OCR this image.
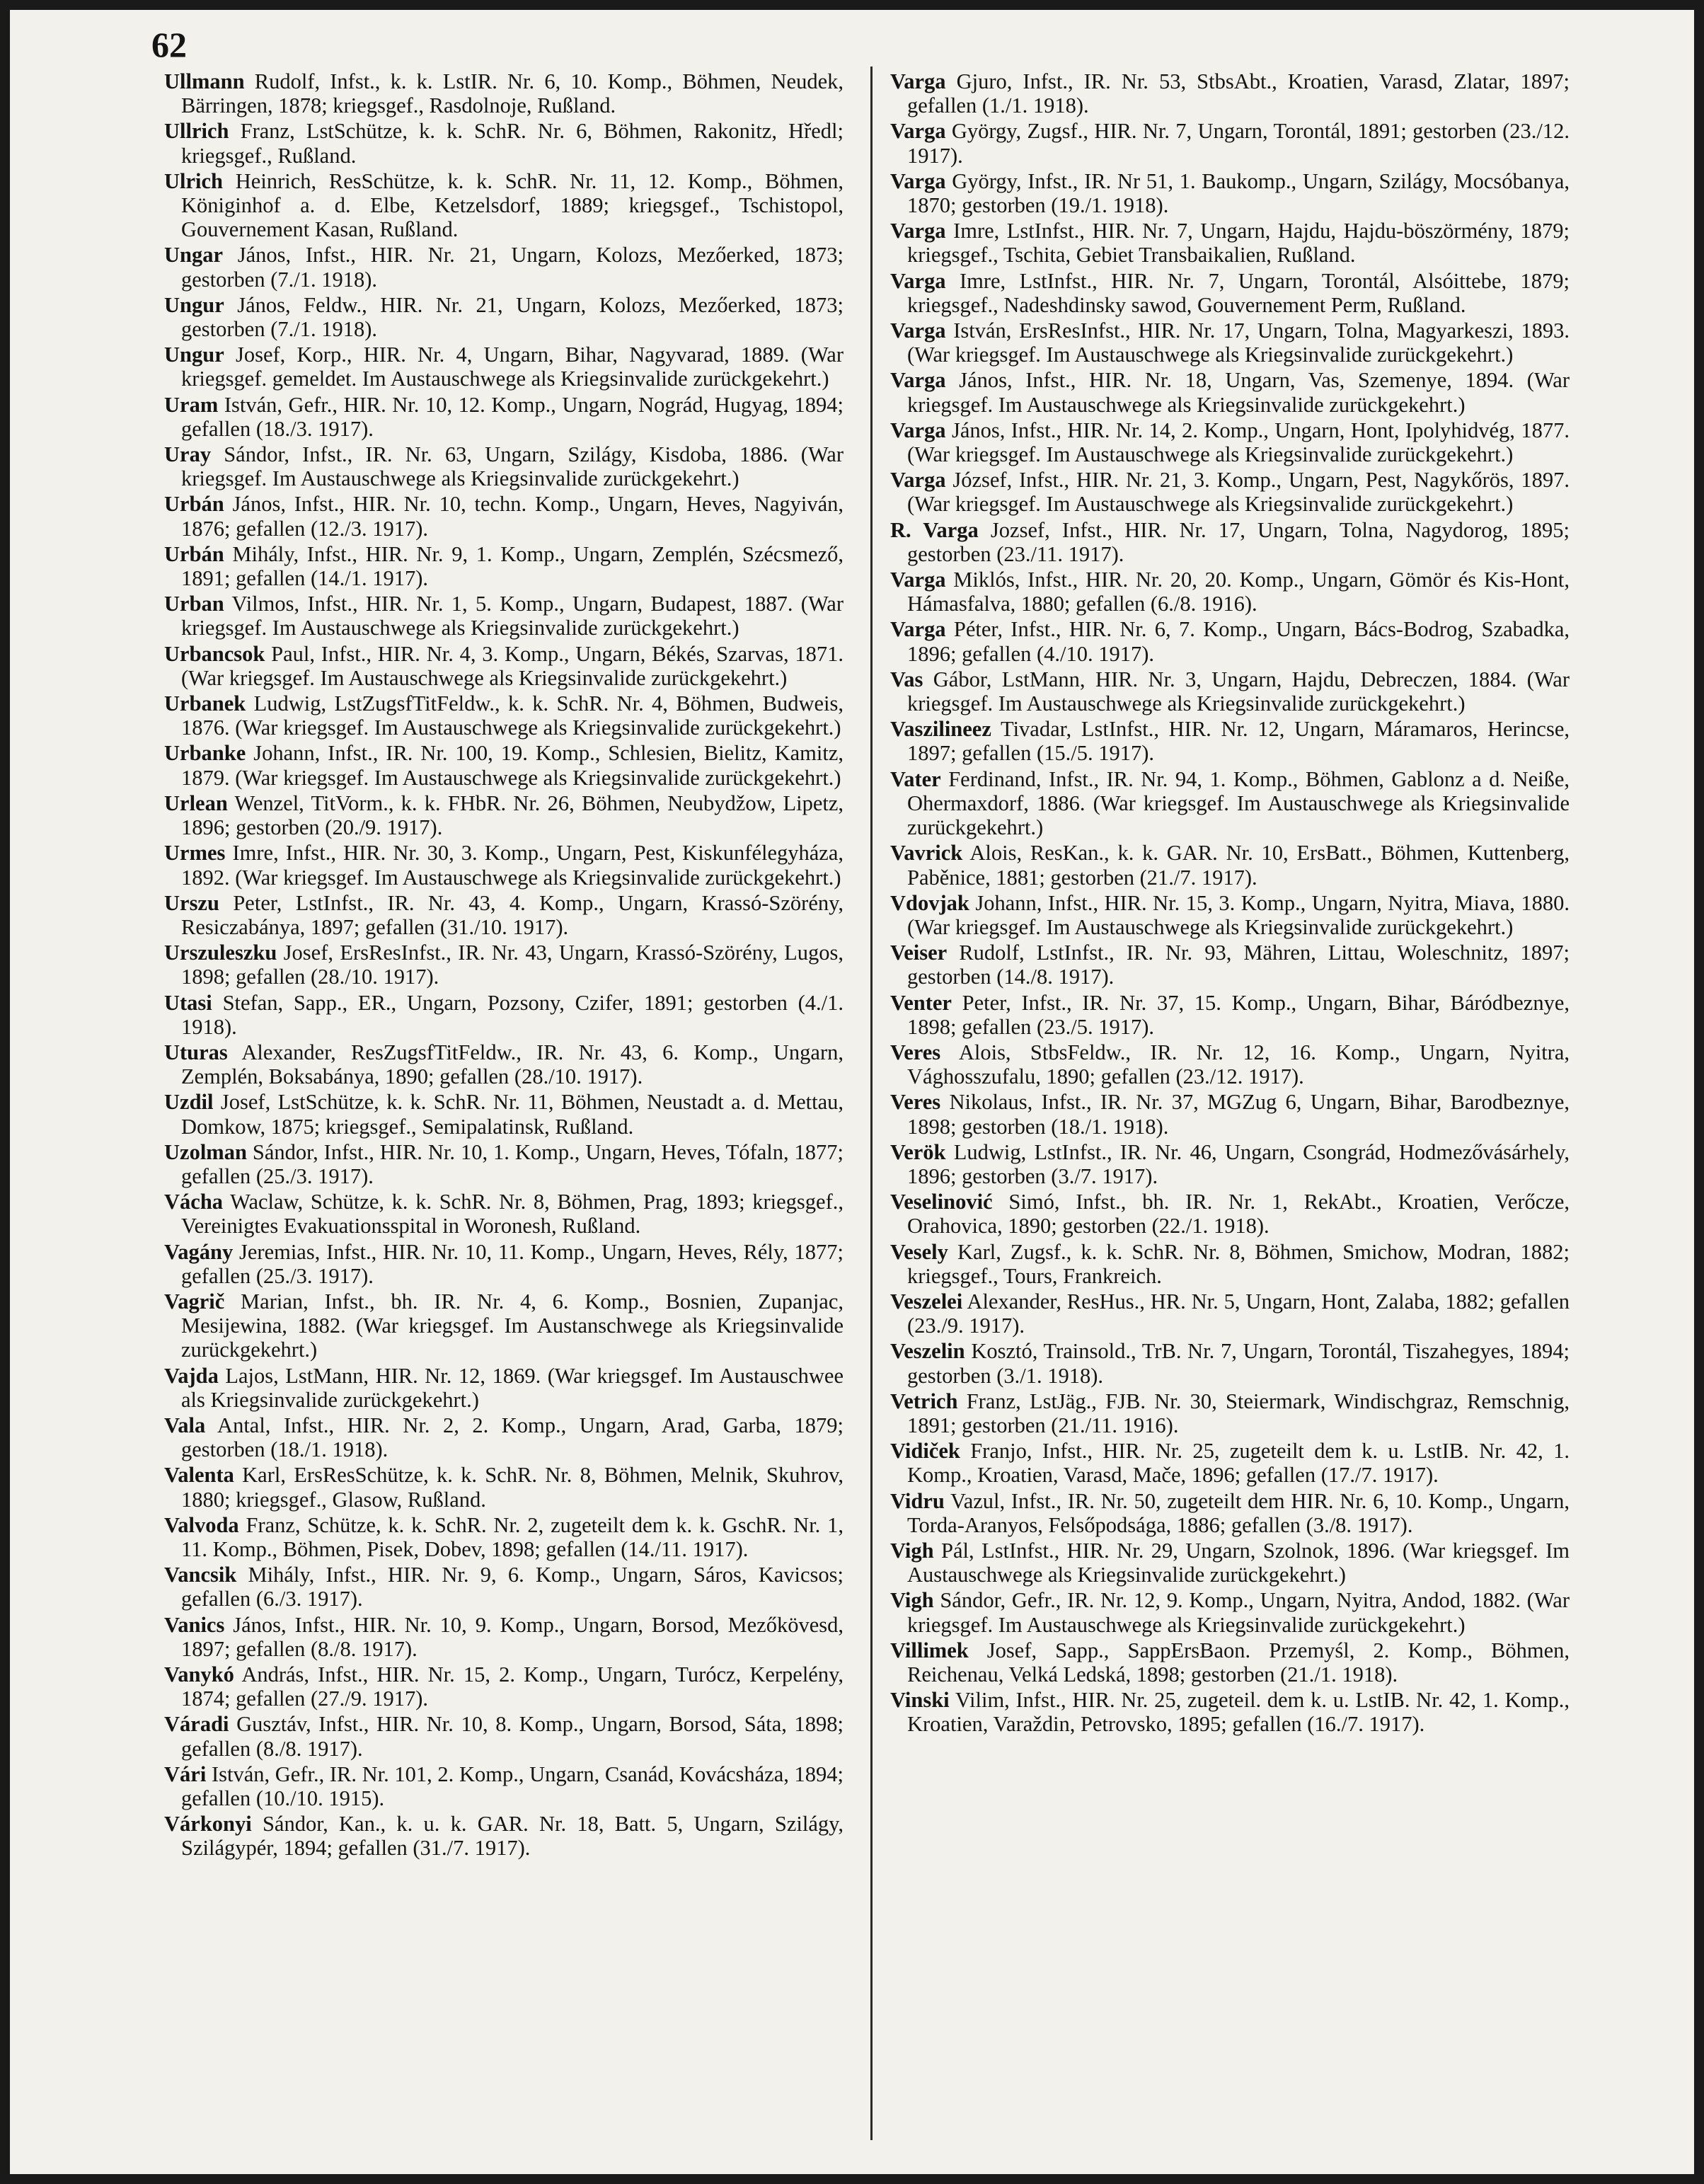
62

Ullmann Rudolf, Infst., k. k. LstIR. Nr. 6, 10. Komp., Böhmen, Neudek, Bärringen, 1878; kriegsgef., Rasdolnoje, Rußland.

Ullrich Franz, LstSchütze, k. k. SchR. Nr. 6, Böhmen, Rakonitz, Hředl; kriegsgef., Rußland.

Ulrich Heinrich, ResSchütze, k. k. SchR. Nr. 11, 12. Komp., Böhmen, Königinhof a. d. Elbe, Ketzelsdorf, 1889; kriegsgef., Tschistopol, Gouvernement Kasan, Rußland.

Ungar János, Infst., HIR. Nr. 21, Ungarn, Kolozs, Mezőerked, 1873; gestorben (7./1. 1918).

Ungur János, Feldw., HIR. Nr. 21, Ungarn, Kolozs, Mezőerked, 1873; gestorben (7./1. 1918).

Ungur Josef, Korp., HIR. Nr. 4, Ungarn, Bihar, Nagyvarad, 1889. (War kriegsgef. gemeldet. Im Austauschwege als Kriegsinvalide zurückgekehrt.)

Uram István, Gefr., HIR. Nr. 10, 12. Komp., Ungarn, Nográd, Hugyag, 1894; gefallen (18./3. 1917).

Uray Sándor, Infst., IR. Nr. 63, Ungarn, Szilágy, Kisdoba, 1886. (War kriegsgef. Im Austauschwege als Kriegsinvalide zurückgekehrt.)

Urbán János, Infst., HIR. Nr. 10, techn. Komp., Ungarn, Heves, Nagyiván, 1876; gefallen (12./3. 1917).

Urbán Mihály, Infst., HIR. Nr. 9, 1. Komp., Ungarn, Zemplén, Szécsmező, 1891; gefallen (14./1. 1917).

Urban Vilmos, Infst., HIR. Nr. 1, 5. Komp., Ungarn, Budapest, 1887. (War kriegsgef. Im Austauschwege als Kriegsinvalide zurückgekehrt.)

Urbancsok Paul, Infst., HIR. Nr. 4, 3. Komp., Ungarn, Békés, Szarvas, 1871. (War kriegsgef. Im Austauschwege als Kriegsinvalide zurückgekehrt.)

Urbanek Ludwig, LstZugsfTitFeldw., k. k. SchR. Nr. 4, Böhmen, Budweis, 1876. (War kriegsgef. Im Austauschwege als Kriegsinvalide zurückgekehrt.)

Urbanke Johann, Infst., IR. Nr. 100, 19. Komp., Schlesien, Bielitz, Kamitz, 1879. (War kriegsgef. Im Austauschwege als Kriegsinvalide zurückgekehrt.)

Urlean Wenzel, TitVorm., k. k. FHbR. Nr. 26, Böhmen, Neubydžow, Lipetz, 1896; gestorben (20./9. 1917).

Urmes Imre, Infst., HIR. Nr. 30, 3. Komp., Ungarn, Pest, Kiskunfélegyháza, 1892. (War kriegsgef. Im Austauschwege als Kriegsinvalide zurückgekehrt.)

Urszu Peter, LstInfst., IR. Nr. 43, 4. Komp., Ungarn, Krassó-Szörény, Resiczabánya, 1897; gefallen (31./10. 1917).

Urszuleszku Josef, ErsResInfst., IR. Nr. 43, Ungarn, Krassó-Szörény, Lugos, 1898; gefallen (28./10. 1917).

Utasi Stefan, Sapp., ER., Ungarn, Pozsony, Czifer, 1891; gestorben (4./1. 1918).

Uturas Alexander, ResZugsfTitFeldw., IR. Nr. 43, 6. Komp., Ungarn, Zemplén, Boksabánya, 1890; gefallen (28./10. 1917).

Uzdil Josef, LstSchütze, k. k. SchR. Nr. 11, Böhmen, Neustadt a. d. Mettau, Domkow, 1875; kriegsgef., Semipalatinsk, Rußland.

Uzolman Sándor, Infst., HIR. Nr. 10, 1. Komp., Ungarn, Heves, Tófaln, 1877; gefallen (25./3. 1917).

Vácha Waclaw, Schütze, k. k. SchR. Nr. 8, Böhmen, Prag, 1893; kriegsgef., Vereinigtes Evakuationsspital in Woronesh, Rußland.

Vagány Jeremias, Infst., HIR. Nr. 10, 11. Komp., Ungarn, Heves, Rély, 1877; gefallen (25./3. 1917).

Vagrič Marian, Infst., bh. IR. Nr. 4, 6. Komp., Bosnien, Zupanjac, Mesijewina, 1882. (War kriegsgef. Im Austanschwege als Kriegsinvalide zurückgekehrt.)

Vajda Lajos, LstMann, HIR. Nr. 12, 1869. (War kriegsgef. Im Austauschwee als Kriegsinvalide zurückgekehrt.)

Vala Antal, Infst., HIR. Nr. 2, 2. Komp., Ungarn, Arad, Garba, 1879; gestorben (18./1. 1918).

Valenta Karl, ErsResSchütze, k. k. SchR. Nr. 8, Böhmen, Melnik, Skuhrov, 1880; kriegsgef., Glasow, Rußland.

Valvoda Franz, Schütze, k. k. SchR. Nr. 2, zugeteilt dem k. k. GschR. Nr. 1, 11. Komp., Böhmen, Pisek, Dobev, 1898; gefallen (14./11. 1917).

Vancsik Mihály, Infst., HIR. Nr. 9, 6. Komp., Ungarn, Sáros, Kavicsos; gefallen (6./3. 1917).

Vanics János, Infst., HIR. Nr. 10, 9. Komp., Ungarn, Borsod, Mezőkövesd, 1897; gefallen (8./8. 1917).

Vanykó András, Infst., HIR. Nr. 15, 2. Komp., Ungarn, Turócz, Kerpelény, 1874; gefallen (27./9. 1917).

Váradi Gusztáv, Infst., HIR. Nr. 10, 8. Komp., Ungarn, Borsod, Sáta, 1898; gefallen (8./8. 1917).

Vári István, Gefr., IR. Nr. 101, 2. Komp., Ungarn, Csanád, Kovácsháza, 1894; gefallen (10./10. 1915).

Várkonyi Sándor, Kan., k. u. k. GAR. Nr. 18, Batt. 5, Ungarn, Szilágy, Szilágypér, 1894; gefallen (31./7. 1917).

Varga Gjuro, Infst., IR. Nr. 53, StbsAbt., Kroatien, Varasd, Zlatar, 1897; gefallen (1./1. 1918).

Varga György, Zugsf., HIR. Nr. 7, Ungarn, Torontál, 1891; gestorben (23./12. 1917).

Varga György, Infst., IR. Nr 51, 1. Baukomp., Ungarn, Szilágy, Mocsóbanya, 1870; gestorben (19./1. 1918).

Varga Imre, LstInfst., HIR. Nr. 7, Ungarn, Hajdu, Hajdu-böszörmény, 1879; kriegsgef., Tschita, Gebiet Transbaikalien, Rußland.

Varga Imre, LstInfst., HIR. Nr. 7, Ungarn, Torontál, Alsóittebe, 1879; kriegsgef., Nadeshdinsky sawod, Gouvernement Perm, Rußland.

Varga István, ErsResInfst., HIR. Nr. 17, Ungarn, Tolna, Magyarkeszi, 1893. (War kriegsgef. Im Austauschwege als Kriegsinvalide zurückgekehrt.)

Varga János, Infst., HIR. Nr. 18, Ungarn, Vas, Szemenye, 1894. (War kriegsgef. Im Austauschwege als Kriegsinvalide zurückgekehrt.)

Varga János, Infst., HIR. Nr. 14, 2. Komp., Ungarn, Hont, Ipolyhidvég, 1877. (War kriegsgef. Im Austauschwege als Kriegsinvalide zurückgekehrt.)

Varga József, Infst., HIR. Nr. 21, 3. Komp., Ungarn, Pest, Nagykőrös, 1897. (War kriegsgef. Im Austauschwege als Kriegsinvalide zurückgekehrt.)

R. Varga Jozsef, Infst., HIR. Nr. 17, Ungarn, Tolna, Nagydorog, 1895; gestorben (23./11. 1917).

Varga Miklós, Infst., HIR. Nr. 20, 20. Komp., Ungarn, Gömör és Kis-Hont, Hámasfalva, 1880; gefallen (6./8. 1916).

Varga Péter, Infst., HIR. Nr. 6, 7. Komp., Ungarn, Bács-Bodrog, Szabadka, 1896; gefallen (4./10. 1917).

Vas Gábor, LstMann, HIR. Nr. 3, Ungarn, Hajdu, Debreczen, 1884. (War kriegsgef. Im Austauschwege als Kriegsinvalide zurückgekehrt.)

Vaszilineez Tivadar, LstInfst., HIR. Nr. 12, Ungarn, Máramaros, Herincse, 1897; gefallen (15./5. 1917).

Vater Ferdinand, Infst., IR. Nr. 94, 1. Komp., Böhmen, Gablonz a d. Neiße, Ohermaxdorf, 1886. (War kriegsgef. Im Austauschwege als Kriegsinvalide zurückgekehrt.)

Vavrick Alois, ResKan., k. k. GAR. Nr. 10, ErsBatt., Böhmen, Kuttenberg, Paběnice, 1881; gestorben (21./7. 1917).

Vdovjak Johann, Infst., HIR. Nr. 15, 3. Komp., Ungarn, Nyitra, Miava, 1880. (War kriegsgef. Im Austauschwege als Kriegsinvalide zurückgekehrt.)

Veiser Rudolf, LstInfst., IR. Nr. 93, Mähren, Littau, Woleschnitz, 1897; gestorben (14./8. 1917).

Venter Peter, Infst., IR. Nr. 37, 15. Komp., Ungarn, Bihar, Báródbeznye, 1898; gefallen (23./5. 1917).

Veres Alois, StbsFeldw., IR. Nr. 12, 16. Komp., Ungarn, Nyitra, Vághosszufalu, 1890; gefallen (23./12. 1917).

Veres Nikolaus, Infst., IR. Nr. 37, MGZug 6, Ungarn, Bihar, Barodbeznye, 1898; gestorben (18./1. 1918).

Verök Ludwig, LstInfst., IR. Nr. 46, Ungarn, Csongrád, Hodmezővásárhely, 1896; gestorben (3./7. 1917).

Veselinović Simó, Infst., bh. IR. Nr. 1, RekAbt., Kroatien, Verőcze, Orahovica, 1890; gestorben (22./1. 1918).

Vesely Karl, Zugsf., k. k. SchR. Nr. 8, Böhmen, Smichow, Modran, 1882; kriegsgef., Tours, Frankreich.

Veszelei Alexander, ResHus., HR. Nr. 5, Ungarn, Hont, Zalaba, 1882; gefallen (23./9. 1917).

Veszelin Kosztó, Trainsold., TrB. Nr. 7, Ungarn, Torontál, Tiszahegyes, 1894; gestorben (3./1. 1918).

Vetrich Franz, LstJäg., FJB. Nr. 30, Steiermark, Windischgraz, Remschnig, 1891; gestorben (21./11. 1916).

Vidiček Franjo, Infst., HIR. Nr. 25, zugeteilt dem k. u. LstIB. Nr. 42, 1. Komp., Kroatien, Varasd, Mače, 1896; gefallen (17./7. 1917).

Vidru Vazul, Infst., IR. Nr. 50, zugeteilt dem HIR. Nr. 6, 10. Komp., Ungarn, Torda-Aranyos, Felsőpodsága, 1886; gefallen (3./8. 1917).

Vigh Pál, LstInfst., HIR. Nr. 29, Ungarn, Szolnok, 1896. (War kriegsgef. Im Austauschwege als Kriegsinvalide zurückgekehrt.)

Vigh Sándor, Gefr., IR. Nr. 12, 9. Komp., Ungarn, Nyitra, Andod, 1882. (War kriegsgef. Im Austauschwege als Kriegsinvalide zurückgekehrt.)

Villimek Josef, Sapp., SappErsBaon. Przemyśl, 2. Komp., Böhmen, Reichenau, Velká Ledská, 1898; gestorben (21./1. 1918).

Vinski Vilim, Infst., HIR. Nr. 25, zugeteil. dem k. u. LstIB. Nr. 42, 1. Komp., Kroatien, Varaždin, Petrovsko, 1895; gefallen (16./7. 1917).
